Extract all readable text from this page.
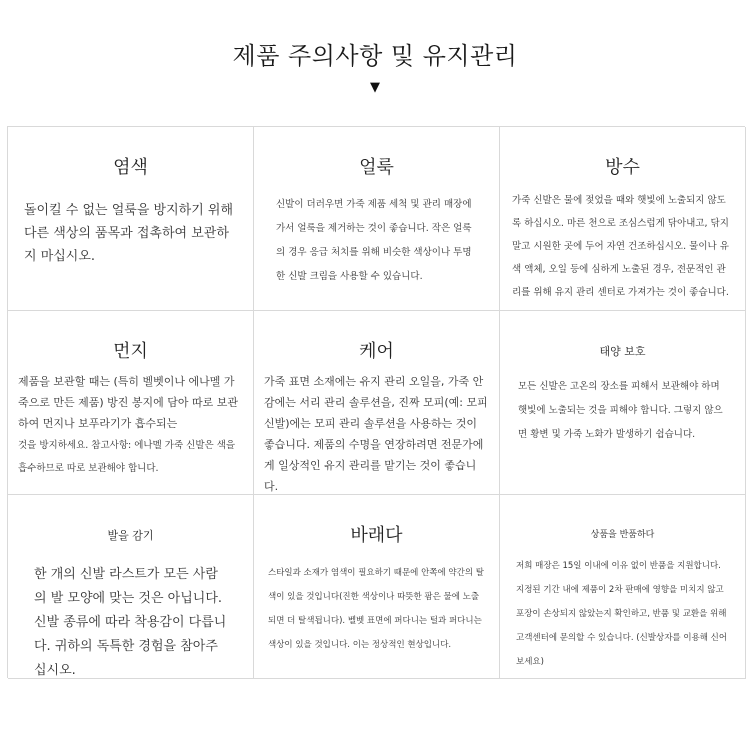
제품 주의사항 및 유지관리
▼
염색

돌이킬 수 없는 얼룩을 방지하기 위해 다른 색상의 품목과 접촉하여 보관하지 마십시오.

얼룩

신발이 더러우면 가죽 제품 세척 및 관리 매장에 가서 얼룩을 제거하는 것이 좋습니다. 작은 얼룩의 경우 응급 처치를 위해 비슷한 색상이나 투명한 신발 크림을 사용할 수 있습니다.

방수

가죽 신발은 물에 젖었을 때와 햇빛에 노출되지 않도록 하십시오. 마른 천으로 조심스럽게 닦아내고, 닦지 말고 시원한 곳에 두어 자연 건조하십시오. 물이나 유색 액체, 오일 등에 심하게 노출된 경우, 전문적인 관리를 위해 유지 관리 센터로 가져가는 것이 좋습니다.

먼지

제품을 보관할 때는 (특히 벨벳이나 에나멜 가죽으로 만든 제품) 방진 봉지에 담아 따로 보관하여 먼지나 보푸라기가 흡수되는

것을 방지하세요. 참고사항: 에나멜 가죽 신발은 색을 흡수하므로 따로 보관해야 합니다.

케어

가죽 표면 소재에는 유지 관리 오일을, 가죽 안감에는 서리 관리 솔루션을, 진짜 모피(예: 모피 신발)에는 모피 관리 솔루션을 사용하는 것이 좋습니다. 제품의 수명을 연장하려면 전문가에게 일상적인 유지 관리를 맡기는 것이 좋습니다.

태양 보호

모든 신발은 고온의 장소를 피해서 보관해야 하며 햇빛에 노출되는 것을 피해야 합니다. 그렇지 않으면 황변 및 가죽 노화가 발생하기 쉽습니다.

발을 감기

한 개의 신발 라스트가 모든 사람의 발 모양에 맞는 것은 아닙니다. 신발 종류에 따라 착용감이 다릅니다. 귀하의 독특한 경험을 참아주십시오.

바래다

스타일과 소재가 염색이 필요하기 때문에 안쪽에 약간의 탈색이 있을 것입니다(진한 색상이나 따뜻한 팜은 물에 노출되면 더 탈색됩니다). 벨벳 표면에 퍼다니는 털과 퍼다니는 색상이 있을 것입니다. 이는 정상적인 현상입니다.

상품을 반품하다

저희 매장은 15일 이내에 이유 없이 반품을 지원합니다. 지정된 기간 내에 제품이 2차 판매에 영향을 미치지 않고 포장이 손상되지 않았는지 확인하고, 반품 및 교환을 위해 고객센터에 문의할 수 있습니다. (신발상자를 이용해 신어보세요)
